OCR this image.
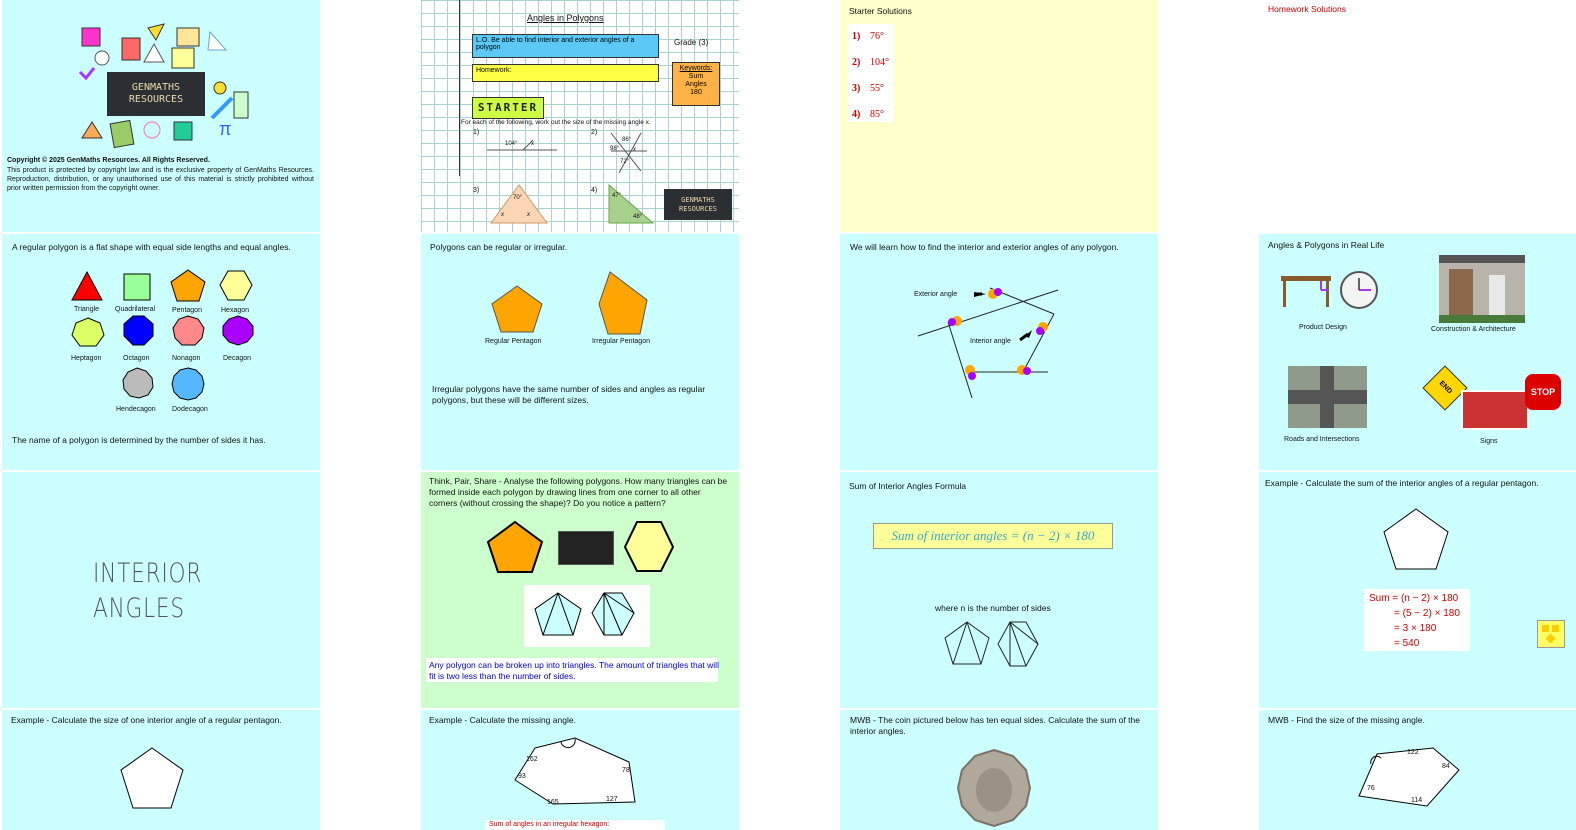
GENMATHS
RESOURCES
π
Copyright © 2025 GenMaths Resources. All Rights Reserved.
This product is protected by copyright law and is the exclusive property of GenMaths Resources. Reproduction, distribution, or any unauthorised use of this material is strictly prohibited without prior written permission from the copyright owner.
Angles in Polygons
L.O. Be able to find interior and exterior angles of a polygon
Grade (3)
Homework:	Keywords:
Sum
Angles
180
STARTER
For each of the following, work out the size of the missing angle x.
1)	2)
3)	4)
104° x
86°
98°
72°
x
70°
x	x
47°
48°
GENMATHS
RESOURCES
Starter Solutions
1) 76°
2) 104°
3) 55°
4) 85°
Homework Solutions
A regular polygon is a flat shape with equal side lengths and equal angles.
Triangle Quadrilateral Pentagon	Hexagon
Heptagon	Octagon	Nonagon	Decagon
Hendecagon Dodecagon
The name of a polygon is determined by the number of sides it has.
Polygons can be regular or irregular.
Regular Pentagon	Irregular Pentagon
Irregular polygons have the same number of sides and angles as regular polygons, but these will be different sizes.
We will learn how to find the interior and exterior angles of any polygon.
Exterior angle
Interior angle
Angles & Polygons in Real Life
Product Design	Construction & Architecture
Roads and Intersections
END	STOP
Signs
INTERIOR ANGLES
Think, Pair, Share - Analyse the following polygons. How many triangles can be formed inside each polygon by drawing lines from one corner to all other corners (without crossing the shape)? Do you notice a pattern?
Any polygon can be broken up into triangles. The amount of triangles that will fit is two less than the number of sides.
Sum of Interior Angles Formula
Sum of interior angles = (n − 2) × 180
where n is the number of sides
Example - Calculate the sum of the interior angles of a regular pentagon.
Sum = (n − 2) × 180
= (5 − 2) × 180
= 3 × 180
= 540
Example - Calculate the size of one interior angle of a regular pentagon.	Example - Calculate the missing angle.
162
78
93
165	127
Sum of angles in an irregular hexagon:
MWB - The coin pictured below has ten equal sides. Calculate the sum of the interior angles.
MWB - Find the size of the missing angle.
122
84
76
114
